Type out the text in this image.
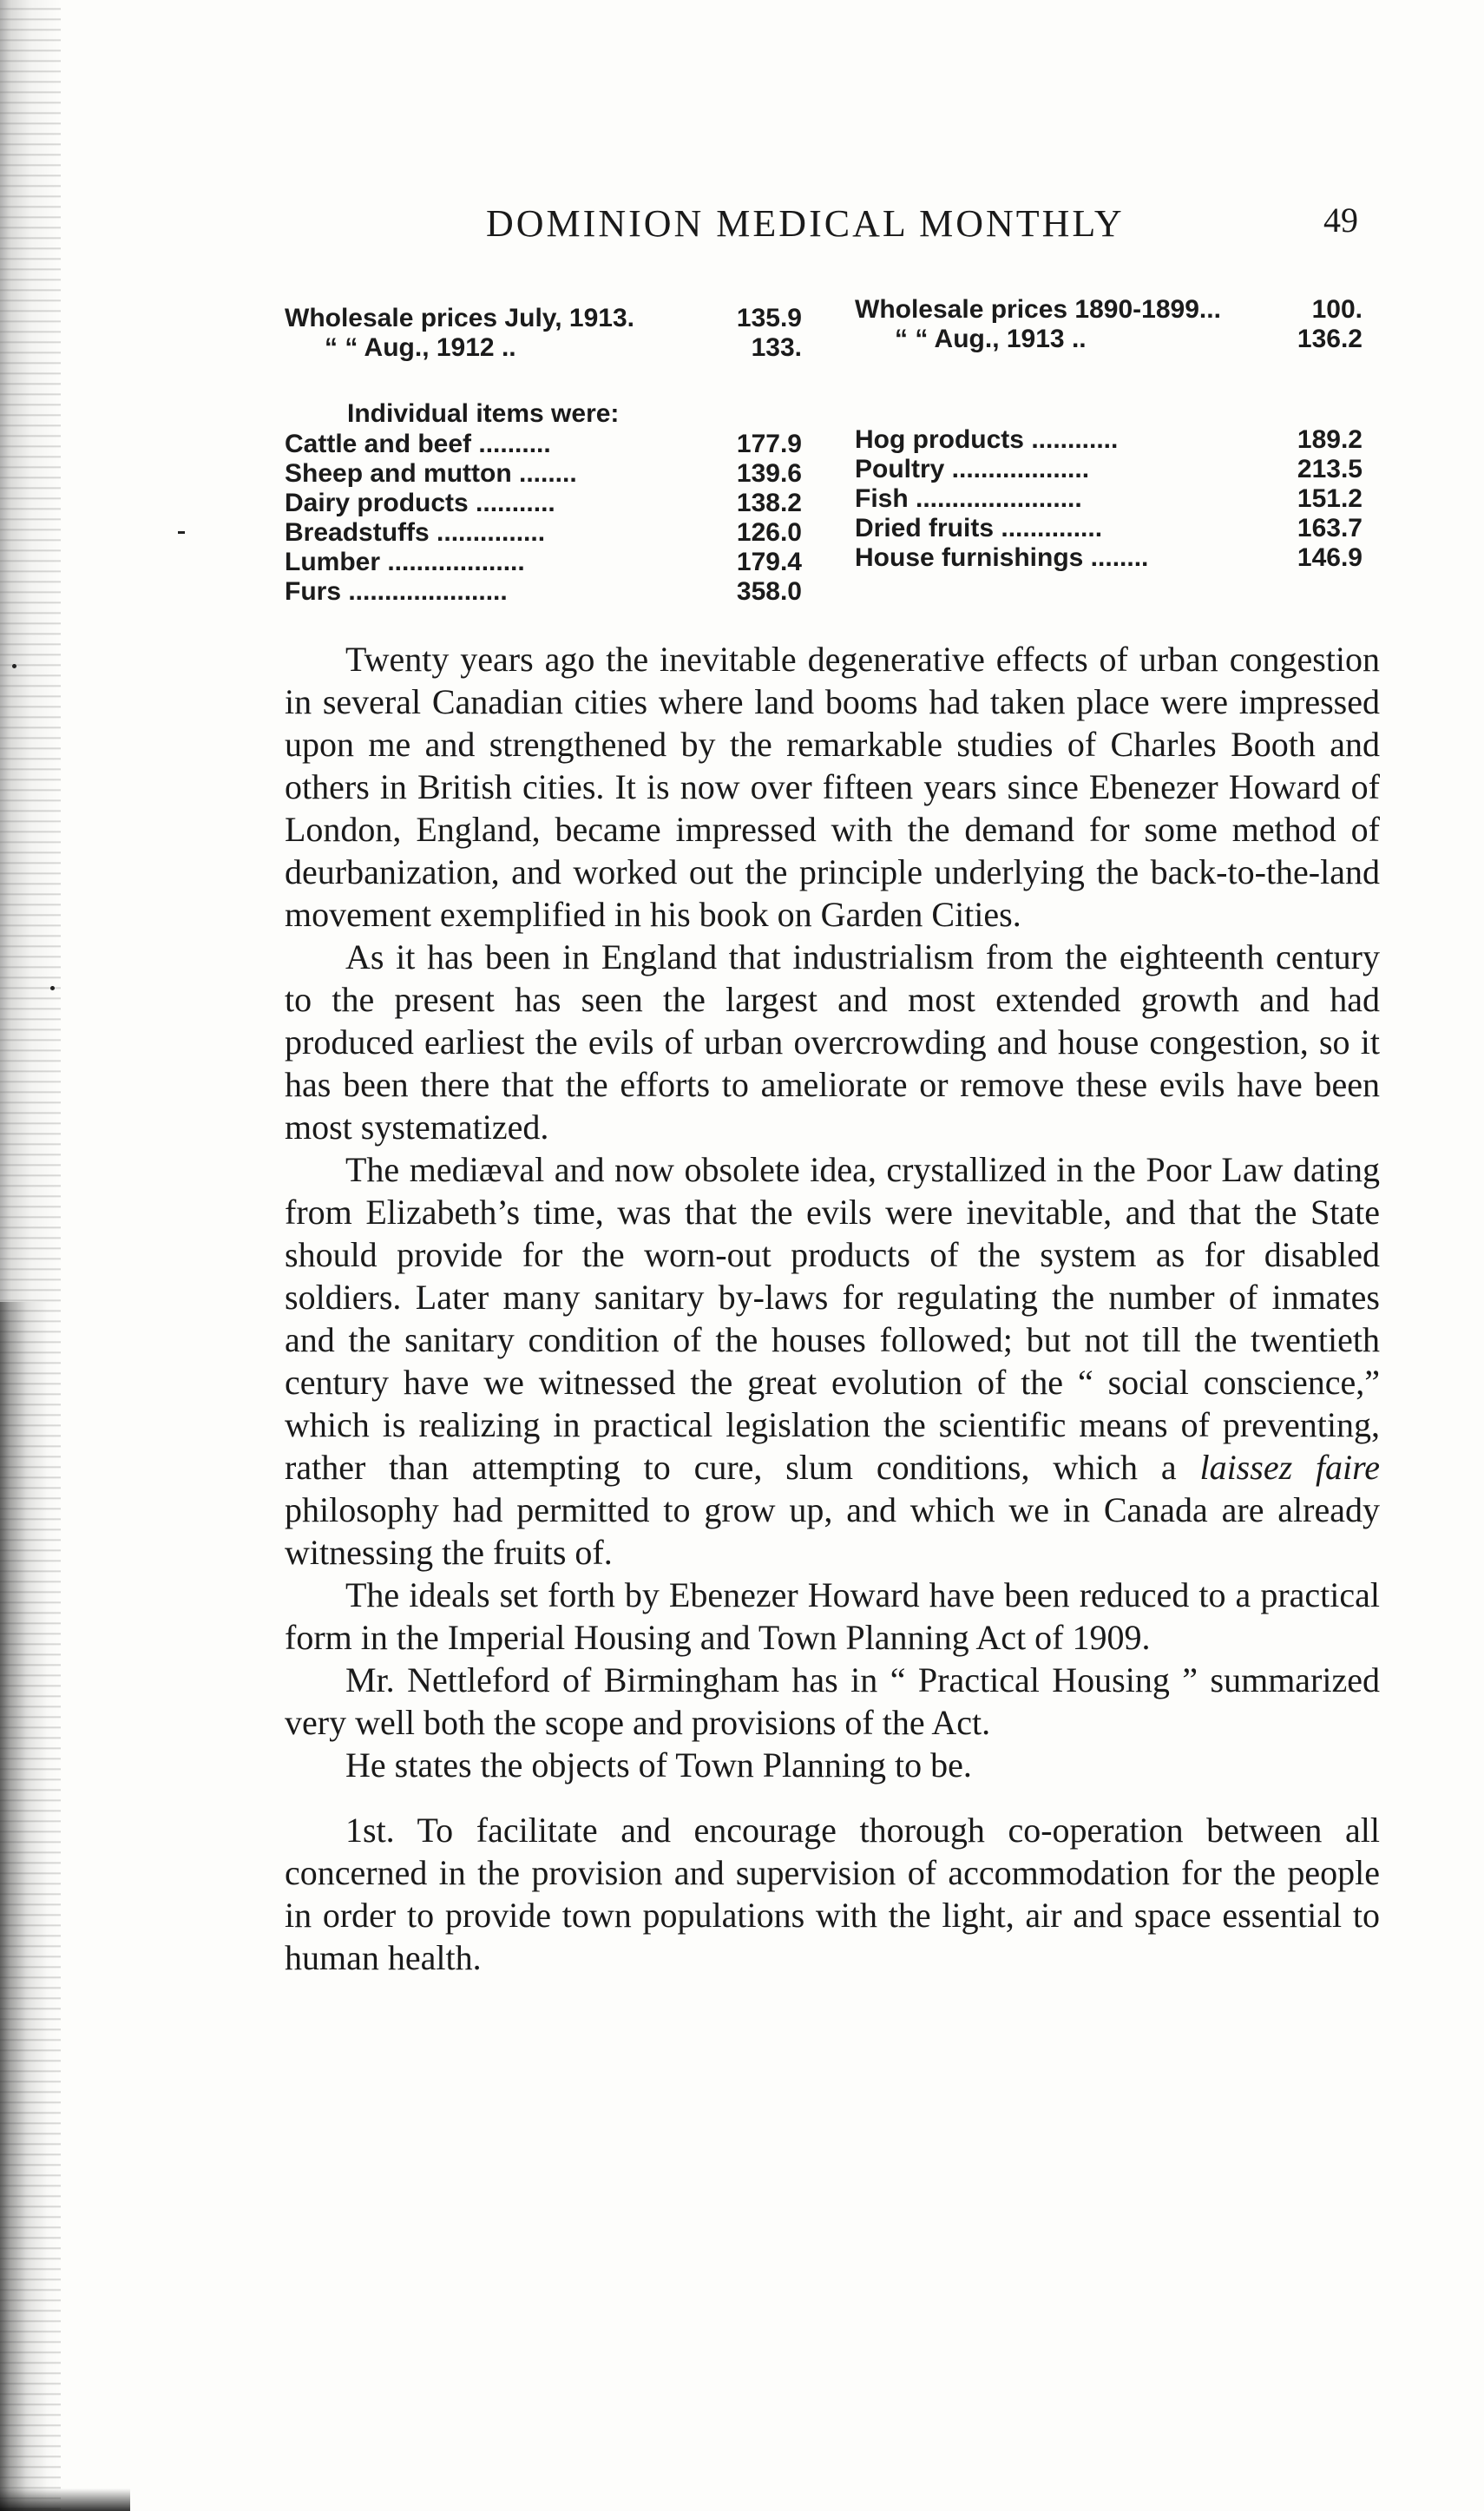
DOMINION MEDICAL MONTHLY	49
Wholesale prices July, 1913.	135.9
“ “ Aug., 1912 ..	133.
Wholesale prices 1890-1899...	100.
“ “ Aug., 1913 ..	136.2
Individual items were:
Cattle and beef ..........	177.9
Sheep and mutton ........	139.6
Dairy products ...........	138.2
Breadstuffs ...............	126.0
Lumber ...................	179.4
Furs ......................	358.0
Hog products ............	189.2
Poultry ...................	213.5
Fish .......................	151.2
Dried fruits ..............	163.7
House furnishings ........	146.9

Twenty years ago the inevitable degenerative effects of urban congestion in several Canadian cities where land booms had taken place were impressed upon me and strengthened by the remarkable studies of Charles Booth and others in British cities. It is now over fifteen years since Ebenezer Howard of London, England, became impressed with the demand for some method of deurbanization, and worked out the principle underlying the back-to-the-land movement exemplified in his book on Garden Cities.

As it has been in England that industrialism from the eighteenth century to the present has seen the largest and most extended growth and had produced earliest the evils of urban overcrowding and house congestion, so it has been there that the efforts to ameliorate or remove these evils have been most systematized.

The mediæval and now obsolete idea, crystallized in the Poor Law dating from Elizabeth’s time, was that the evils were inevitable, and that the State should provide for the worn-out products of the system as for disabled soldiers. Later many sanitary by-laws for regulating the number of inmates and the sanitary condition of the houses followed; but not till the twentieth century have we witnessed the great evolution of the “ social conscience,” which is realizing in practical legislation the scientific means of preventing, rather than attempting to cure, slum conditions, which a laissez faire philosophy had permitted to grow up, and which we in Canada are already witnessing the fruits of.

The ideals set forth by Ebenezer Howard have been reduced to a practical form in the Imperial Housing and Town Planning Act of 1909.

Mr. Nettleford of Birmingham has in “ Practical Housing ” summarized very well both the scope and provisions of the Act.

He states the objects of Town Planning to be.

1st. To facilitate and encourage thorough co-operation between all concerned in the provision and supervision of accommodation for the people in order to provide town populations with the light, air and space essential to human health.
